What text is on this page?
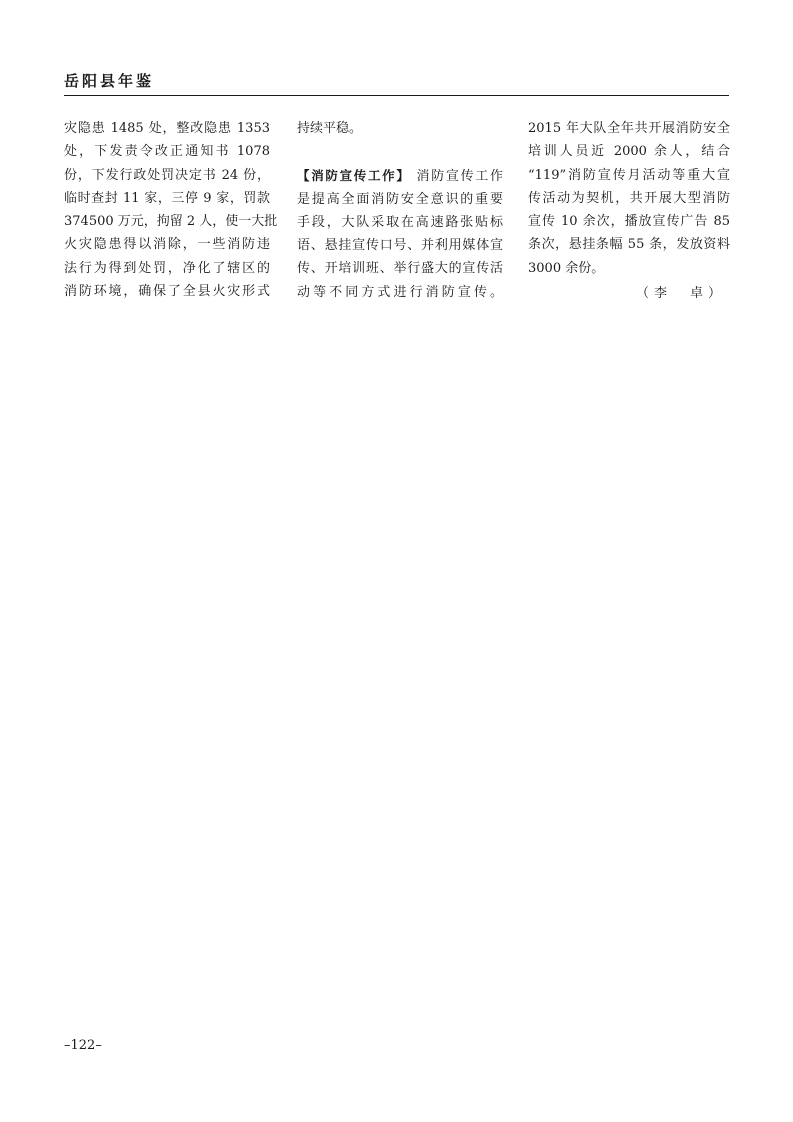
岳阳县年鉴
灾隐患 1485 处，整改隐患 1353
处，下发责令改正通知书 1078
份，下发行政处罚决定书 24 份，
临时查封 11 家，三停 9 家，罚款
374500 万元，拘留 2 人，使一大批
火灾隐患得以消除，一些消防违
法行为得到处罚，净化了辖区的
消防环境，确保了全县火灾形式
持续平稳。
【消防宣传工作】 消防宣传工作
是提高全面消防安全意识的重要
手段，大队采取在高速路张贴标
语、悬挂宣传口号、并利用媒体宣
传、开培训班、举行盛大的宣传活
动等不同方式进行消防宣传。
2015 年大队全年共开展消防安全
培训人员近 2000 余人，结合
“119”消防宣传月活动等重大宣
传活动为契机，共开展大型消防
宣传 10 余次，播放宣传广告 85
条次，悬挂条幅 55 条，发放资料
3000 余份。
（李　卓）
–122–
